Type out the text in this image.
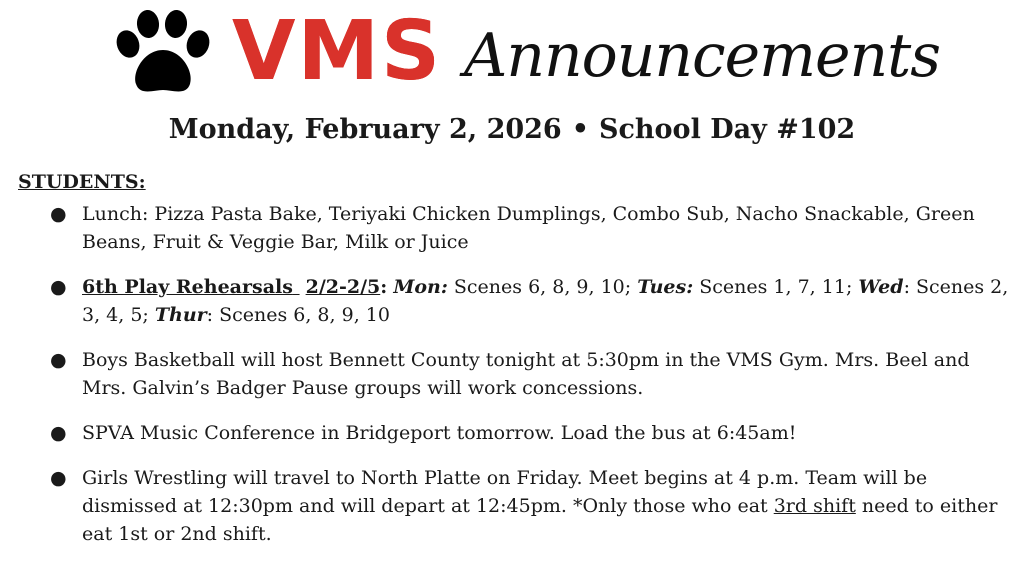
VMS Announcements
Monday, February 2, 2026 • School Day #102
STUDENTS:
● Lunch: Pizza Pasta Bake, Teriyaki Chicken Dumplings, Combo Sub, Nacho Snackable, Green Beans, Fruit & Veggie Bar, Milk or Juice
● 6th Play Rehearsals 2/2-2/5: Mon: Scenes 6, 8, 9, 10; Tues: Scenes 1, 7, 11; Wed: Scenes 2, 3, 4, 5; Thur: Scenes 6, 8, 9, 10
● Boys Basketball will host Bennett County tonight at 5:30pm in the VMS Gym. Mrs. Beel and Mrs. Galvin’s Badger Pause groups will work concessions.
● SPVA Music Conference in Bridgeport tomorrow. Load the bus at 6:45am!
● Girls Wrestling will travel to North Platte on Friday. Meet begins at 4 p.m. Team will be dismissed at 12:30pm and will depart at 12:45pm. *Only those who eat 3rd shift need to either eat 1st or 2nd shift.
